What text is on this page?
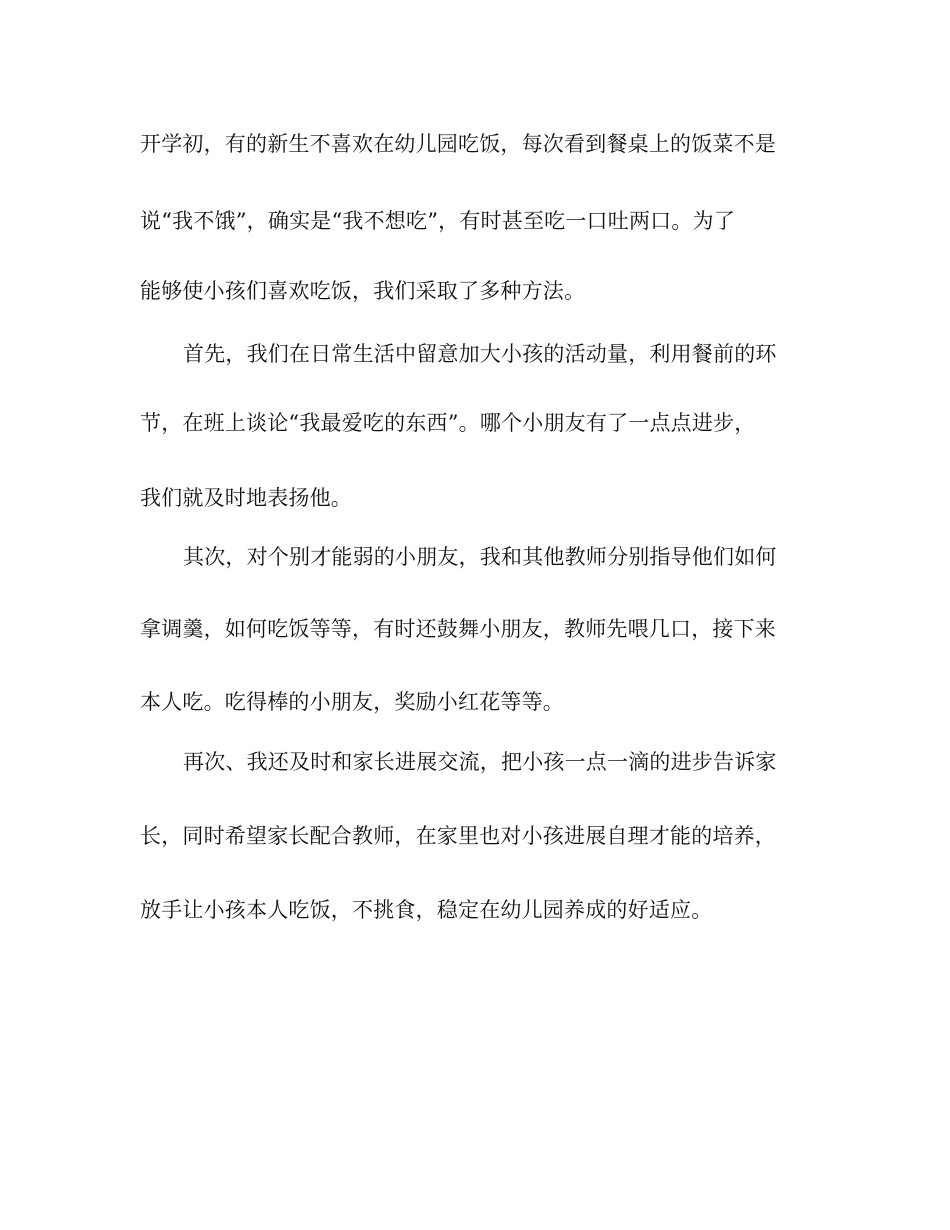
开学初，有的新生不喜欢在幼儿园吃饭，每次看到餐桌上的饭菜不是
说“我不饿”，确实是“我不想吃”，有时甚至吃一口吐两口。为了
能够使小孩们喜欢吃饭，我们采取了多种方法。
首先，我们在日常生活中留意加大小孩的活动量，利用餐前的环
节，在班上谈论“我最爱吃的东西”。哪个小朋友有了一点点进步，
我们就及时地表扬他。
其次，对个别才能弱的小朋友，我和其他教师分别指导他们如何
拿调羹，如何吃饭等等，有时还鼓舞小朋友，教师先喂几口，接下来
本人吃。吃得棒的小朋友，奖励小红花等等。
再次、我还及时和家长进展交流，把小孩一点一滴的进步告诉家
长，同时希望家长配合教师，在家里也对小孩进展自理才能的培养，
放手让小孩本人吃饭，不挑食，稳定在幼儿园养成的好适应。
